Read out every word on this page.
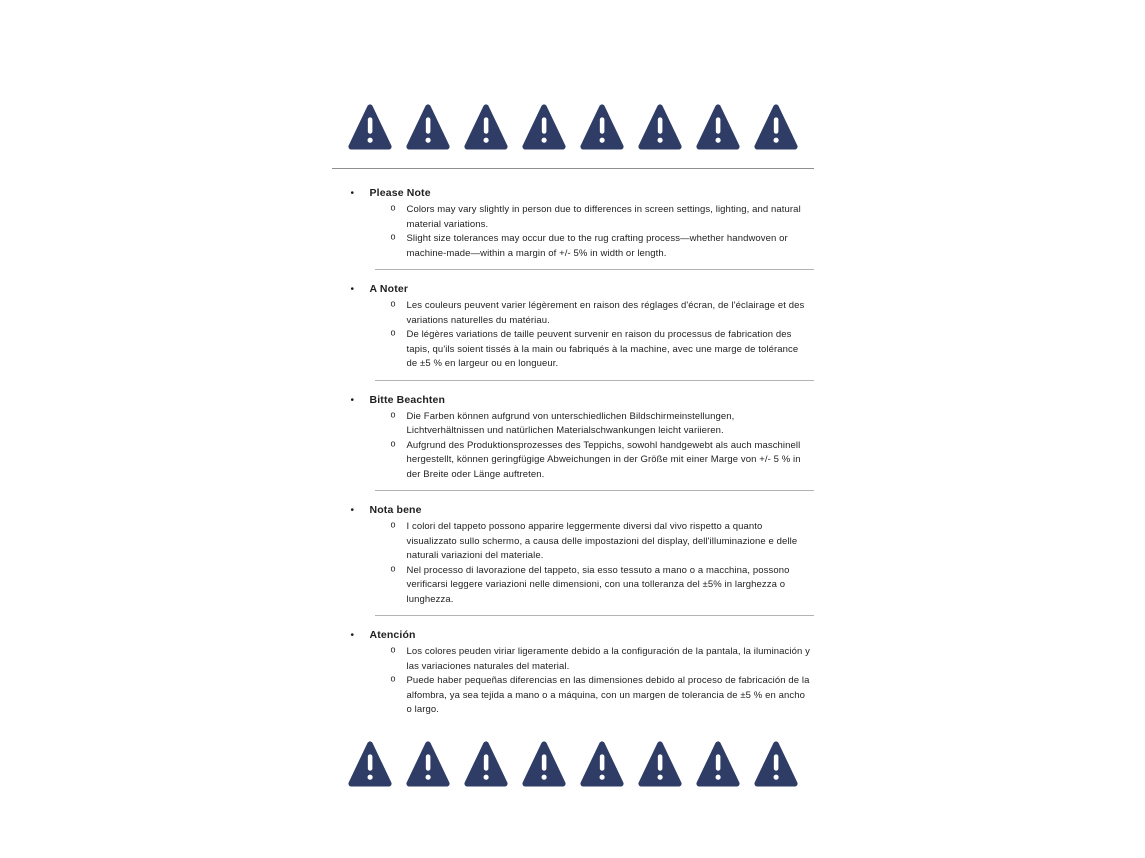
•	Please Note
o	Colors may vary slightly in person due to differences in screen settings, lighting, and natural material variations.

o	Slight size tolerances may occur due to the rug crafting process—whether handwoven or machine-made—within a margin of +/- 5% in width or length.

•	A Noter
o	Les couleurs peuvent varier légèrement en raison des réglages d'écran, de l'éclairage et des variations naturelles du matériau.

o	De légères variations de taille peuvent survenir en raison du processus de fabrication des tapis, qu'ils soient tissés à la main ou fabriqués à la machine, avec une marge de tolérance de ±5 % en largeur ou en longueur.

•	Bitte Beachten
o	Die Farben können aufgrund von unterschiedlichen Bildschirmeinstellungen, Lichtverhältnissen und natürlichen Materialschwankungen leicht variieren.

o	Aufgrund des Produktionsprozesses des Teppichs, sowohl handgewebt als auch maschinell hergestellt, können geringfügige Abweichungen in der Größe mit einer Marge von +/- 5 % in der Breite oder Länge auftreten.

•	Nota bene
o	I colori del tappeto possono apparire leggermente diversi dal vivo rispetto a quanto visualizzato sullo schermo, a causa delle impostazioni del display, dell'illuminazione e delle naturali variazioni del materiale.

o	Nel processo di lavorazione del tappeto, sia esso tessuto a mano o a macchina, possono verificarsi leggere variazioni nelle dimensioni, con una tolleranza del ±5% in larghezza o lunghezza.

•	Atención
o	Los colores peuden viriar ligeramente debido a la configuración de la pantala, la iluminación y las variaciones naturales del material.

o	Puede haber pequeñas diferencias en las dimensiones debido al proceso de fabricación de la alfombra, ya sea tejida a mano o a máquina, con un margen de tolerancia de ±5 % en ancho o largo.
